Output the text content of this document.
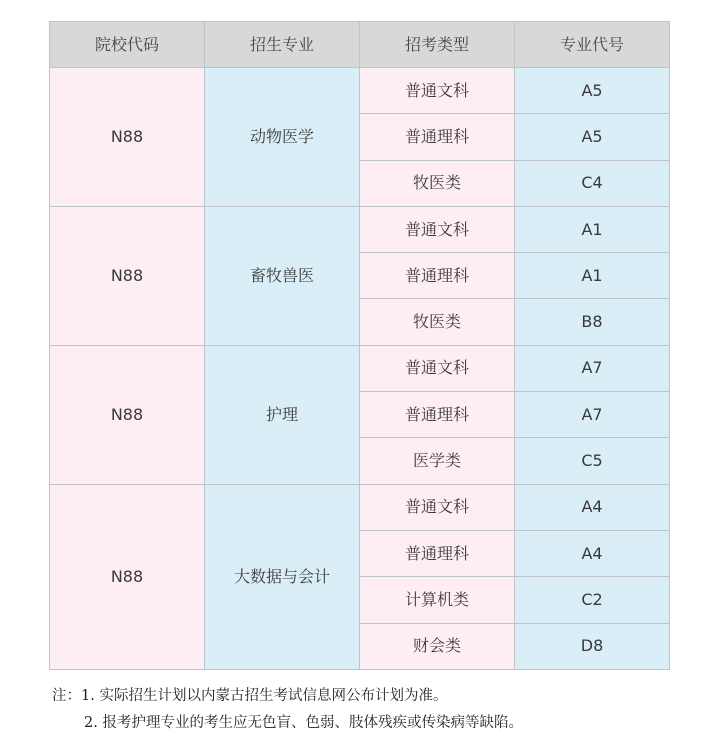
院校代码	招生专业	招考类型	专业代号
N88	动物医学	普通文科	A5
		普通理科	A5
		牧医类	C4
N88	畜牧兽医	普通文科	A1
		普通理科	A1
		牧医类	B8
N88	护理	普通文科	A7
		普通理科	A7
		医学类	C5
N88	大数据与会计	普通文科	A4
		普通理科	A4
		计算机类	C2
		财会类	D8
注：1. 实际招生计划以内蒙古招生考试信息网公布计划为准。
2. 报考护理专业的考生应无色盲、色弱、肢体残疾或传染病等缺陷。
